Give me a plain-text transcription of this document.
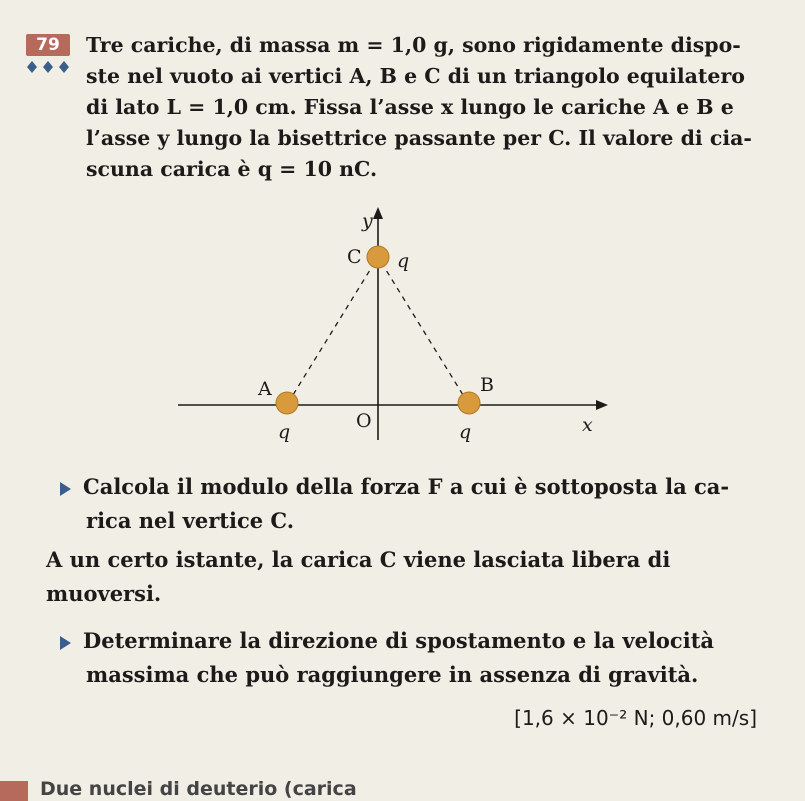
79 Tre cariche, di massa m = 1,0 g, sono rigidamente dispo-

ste nel vuoto ai vertici A, B e C di un triangolo equilatero

di lato L = 1,0 cm. Fissa l’asse x lungo le cariche A e B e

l’asse y lungo la bisettrice passante per C. Il valore di cia-

scuna carica è q = 10 nC.

y
C q
A	B
q	O	q	x
Calcola il modulo della forza F a cui è sottoposta la ca-
rica nel vertice C.
A un certo istante, la carica C viene lasciata libera di
muoversi.
Determinare la direzione di spostamento e la velocità
massima che può raggiungere in assenza di gravità.
[1,6 × 10⁻² N; 0,60 m/s]
Due nuclei di deuterio (carica
